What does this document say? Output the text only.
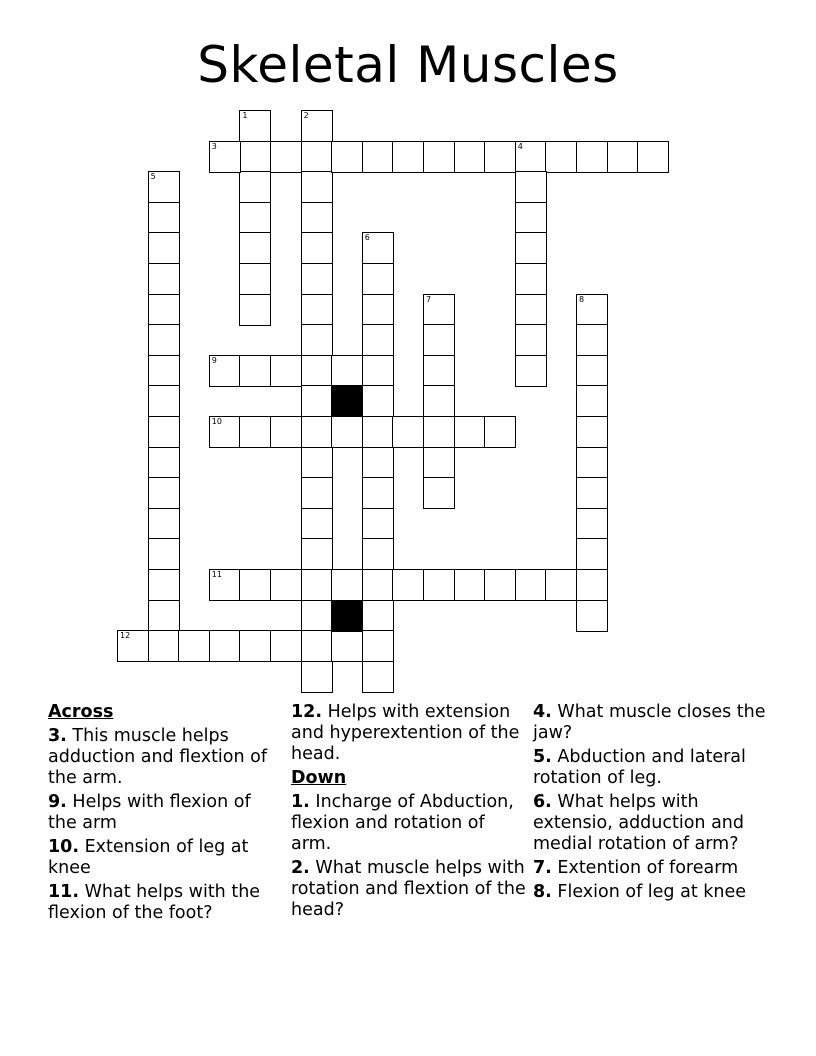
Skeletal Muscles
1	2
3	4
5
6
7	8
9
10
11
12
Across
3. This muscle helps adduction and flextion of the arm.
9. Helps with flexion of the arm
10. Extension of leg at knee
11. What helps with the flexion of the foot?
12. Helps with extension and hyperextention of the head.
Down
1. Incharge of Abduction, flexion and rotation of arm.
2. What muscle helps with rotation and flextion of the head?
4. What muscle closes the jaw?
5. Abduction and lateral rotation of leg.
6. What helps with extensio, adduction and medial rotation of arm?
7. Extention of forearm
8. Flexion of leg at knee
